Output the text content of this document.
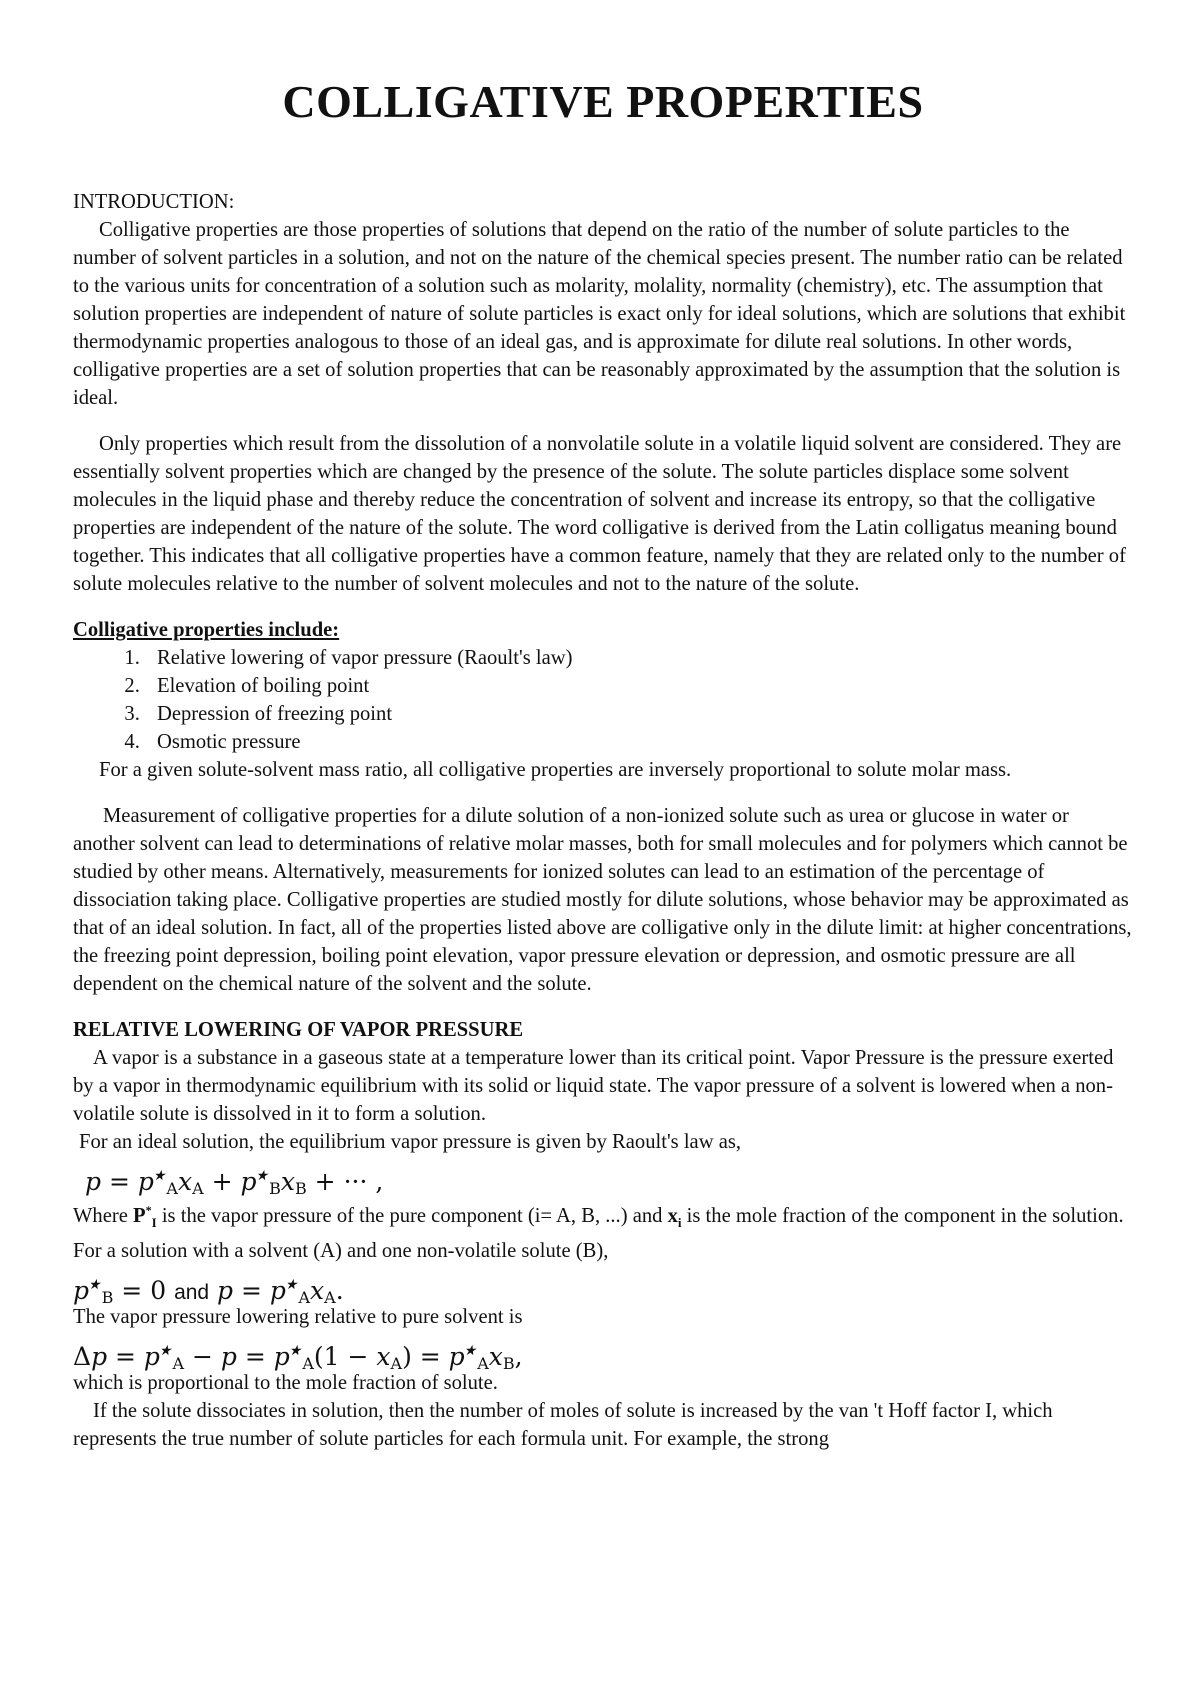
COLLIGATIVE PROPERTIES

INTRODUCTION:

Colligative properties are those properties of solutions that depend on the ratio of the number of solute particles to the number of solvent particles in a solution, and not on the nature of the chemical species present. The number ratio can be related to the various units for concentration of a solution such as molarity, molality, normality (chemistry), etc. The assumption that solution properties are independent of nature of solute particles is exact only for ideal solutions, which are solutions that exhibit thermodynamic properties analogous to those of an ideal gas, and is approximate for dilute real solutions. In other words, colligative properties are a set of solution properties that can be reasonably approximated by the assumption that the solution is ideal.

Only properties which result from the dissolution of a nonvolatile solute in a volatile liquid solvent are considered. They are essentially solvent properties which are changed by the presence of the solute. The solute particles displace some solvent molecules in the liquid phase and thereby reduce the concentration of solvent and increase its entropy, so that the colligative properties are independent of the nature of the solute. The word colligative is derived from the Latin colligatus meaning bound together. This indicates that all colligative properties have a common feature, namely that they are related only to the number of solute molecules relative to the number of solvent molecules and not to the nature of the solute.

Colligative properties include:

1. Relative lowering of vapor pressure (Raoult's law)
2. Elevation of boiling point
3. Depression of freezing point
4. Osmotic pressure

For a given solute-solvent mass ratio, all colligative properties are inversely proportional to solute molar mass.

Measurement of colligative properties for a dilute solution of a non-ionized solute such as urea or glucose in water or another solvent can lead to determinations of relative molar masses, both for small molecules and for polymers which cannot be studied by other means. Alternatively, measurements for ionized solutes can lead to an estimation of the percentage of dissociation taking place. Colligative properties are studied mostly for dilute solutions, whose behavior may be approximated as that of an ideal solution. In fact, all of the properties listed above are colligative only in the dilute limit: at higher concentrations, the freezing point depression, boiling point elevation, vapor pressure elevation or depression, and osmotic pressure are all dependent on the chemical nature of the solvent and the solute.

RELATIVE LOWERING OF VAPOR PRESSURE

A vapor is a substance in a gaseous state at a temperature lower than its critical point. Vapor Pressure is the pressure exerted by a vapor in thermodynamic equilibrium with its solid or liquid state. The vapor pressure of a solvent is lowered when a non-volatile solute is dissolved in it to form a solution.

For an ideal solution, the equilibrium vapor pressure is given by Raoult's law as,

$p = p^★_Ax_A + p^★_Bx_B$ + ··· ,

Where $P^*_I$ is the vapor pressure of the pure component (i= A, B, ...) and $x_i$ is the mole fraction of the component in the solution.

For a solution with a solvent (A) and one non-volatile solute (B),

$p^★_B = 0$ and $p = p^★_Ax_A$.

The vapor pressure lowering relative to pure solvent is

$\Delta p = p^★_A - p = p^★_A(1 - x_A) = p^★_Ax_B$,

which is proportional to the mole fraction of solute.

If the solute dissociates in solution, then the number of moles of solute is increased by the van 't Hoff factor I, which represents the true number of solute particles for each formula unit. For example, the strong
